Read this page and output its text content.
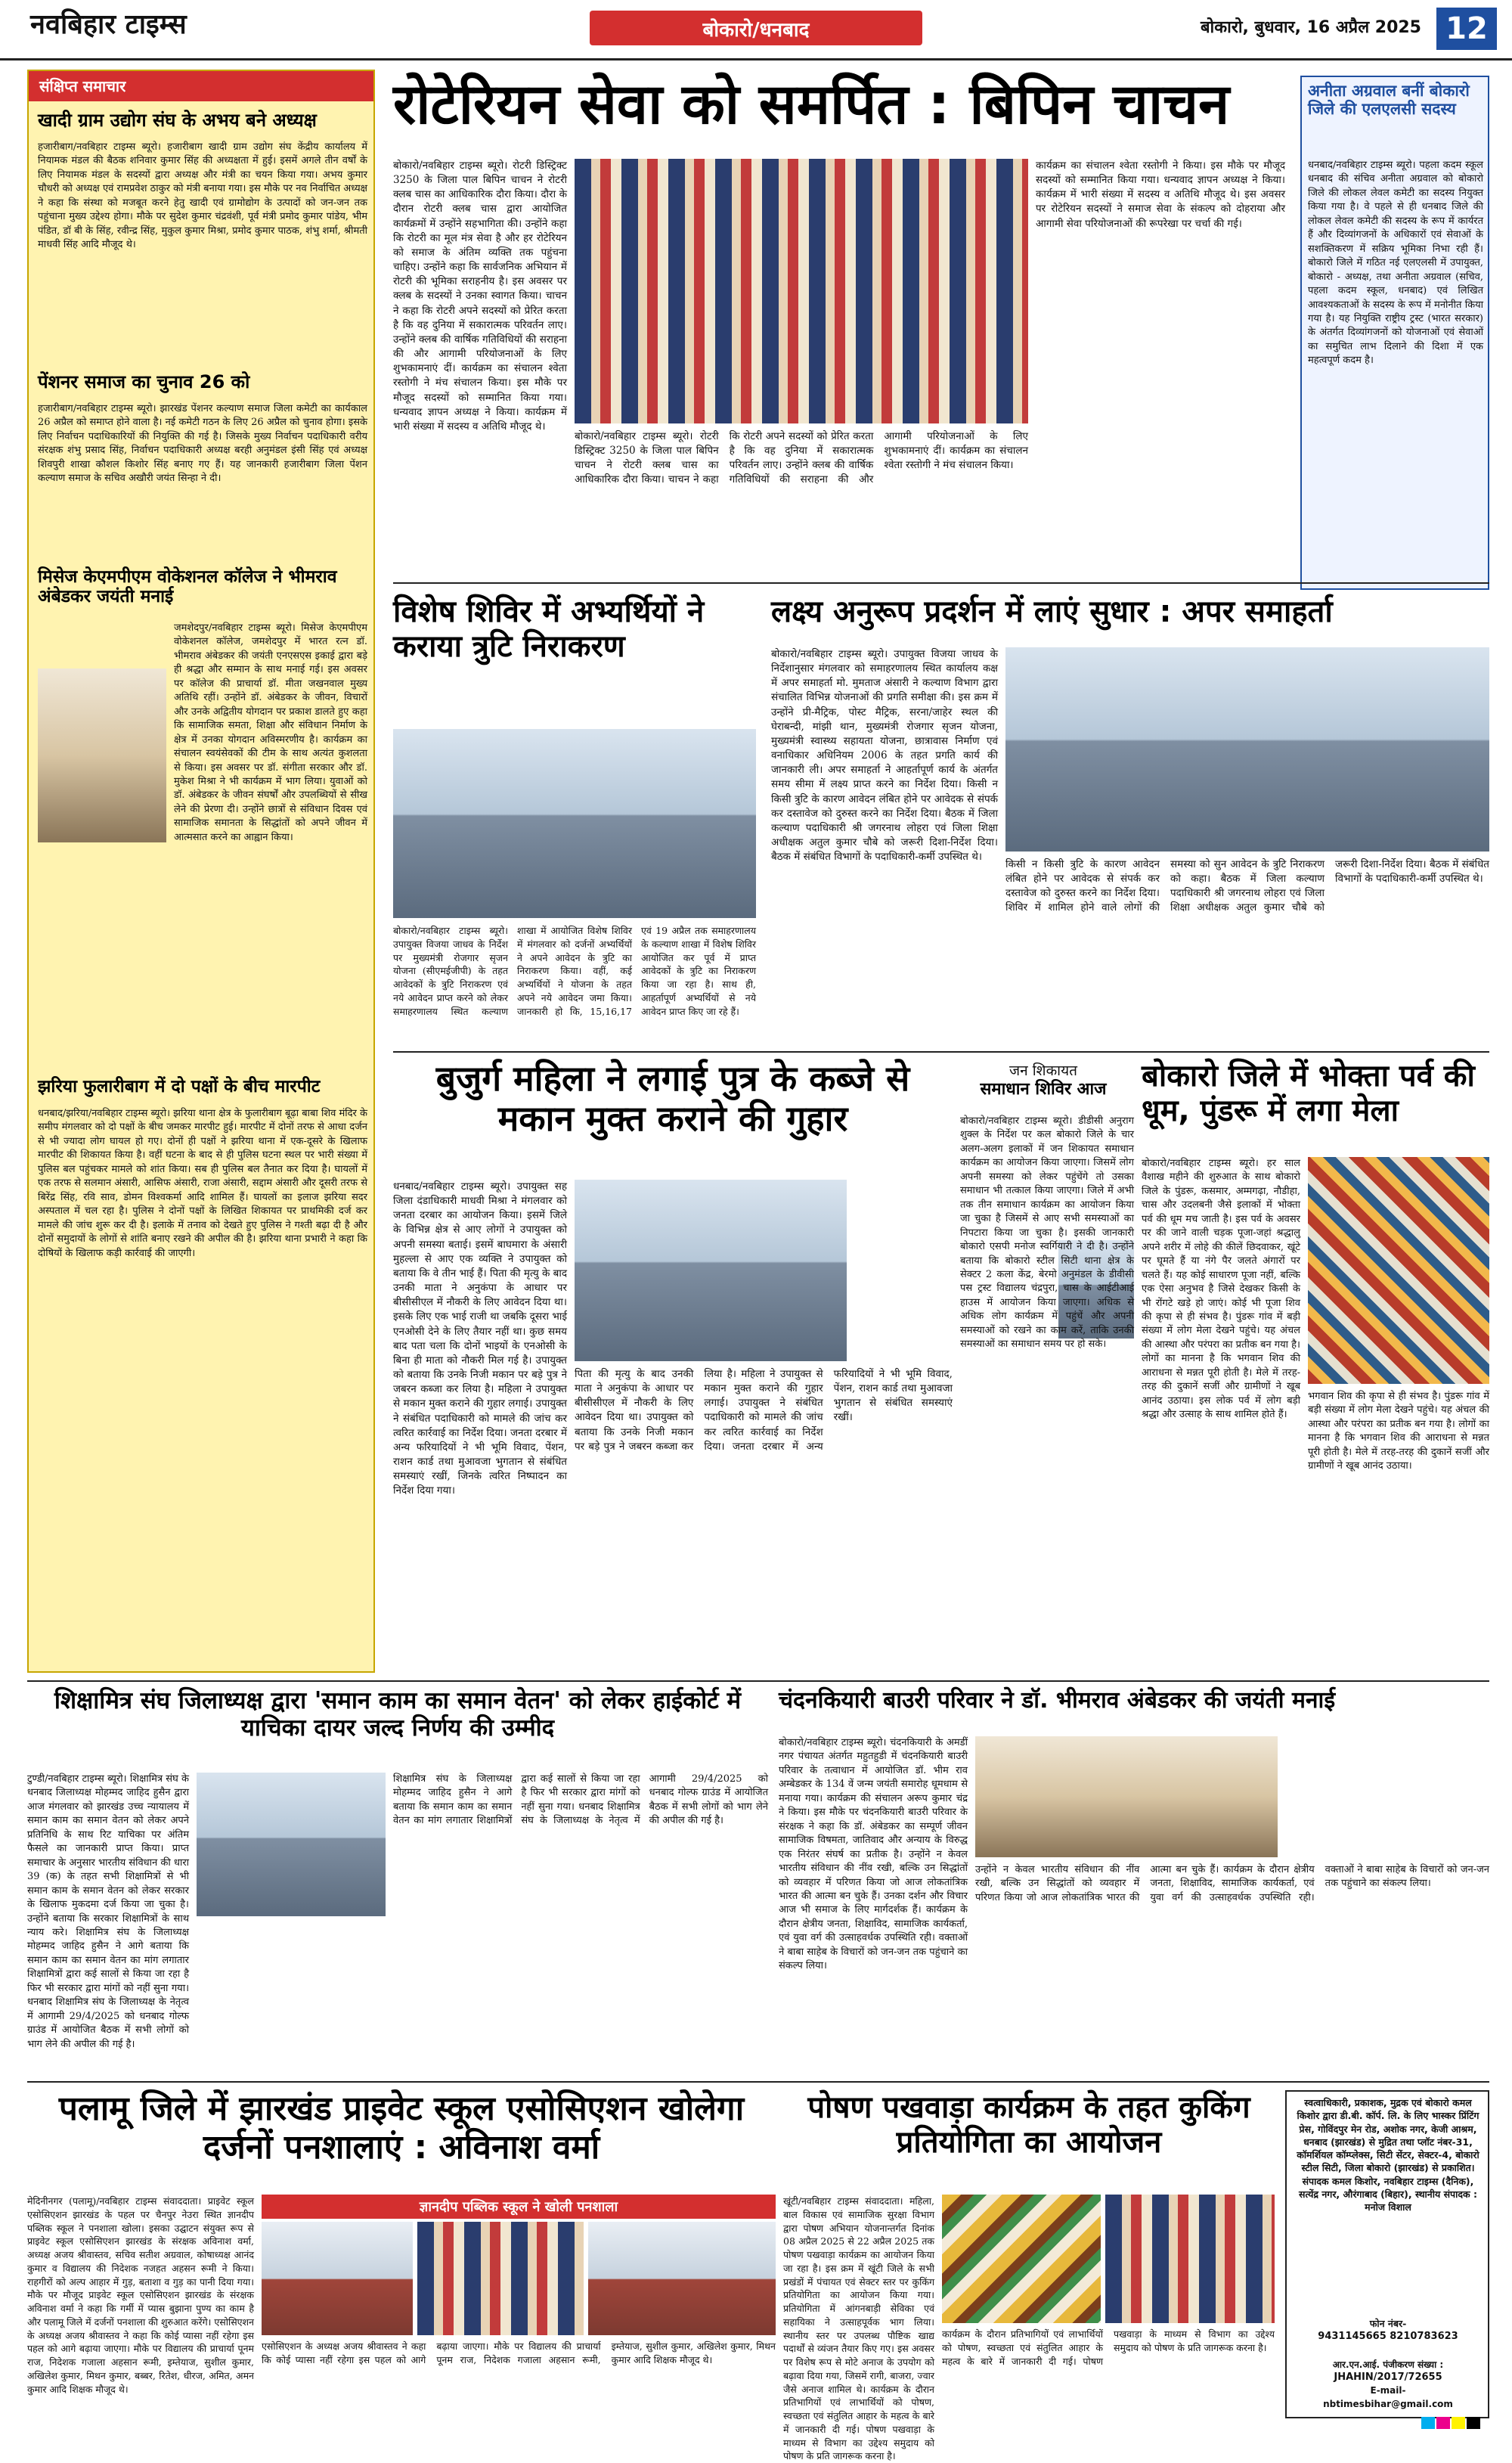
नवबिहार टाइम्स	बोकारो/धनबाद	बोकारो, बुधवार, 16 अप्रैल 2025 12
संक्षिप्त समाचार
खादी ग्राम उद्योग संघ के अभय बने अध्यक्ष
हजारीबाग/नवबिहार टाइम्स ब्यूरो। हजारीबाग खादी ग्राम उद्योग संघ केंद्रीय कार्यालय में नियामक मंडल की बैठक शनिवार कुमार सिंह की अध्यक्षता में हुई। इसमें अगले तीन वर्षों के लिए नियामक मंडल के सदस्यों द्वारा अध्यक्ष और मंत्री का चयन किया गया। अभय कुमार चौधरी को अध्यक्ष एवं रामप्रवेश ठाकुर को मंत्री बनाया गया। इस मौके पर नव निर्वाचित अध्यक्ष ने कहा कि संस्था को मजबूत करने हेतु खादी एवं ग्रामोद्योग के उत्पादों को जन-जन तक पहुंचाना मुख्य उद्देश्य होगा। मौके पर सुदेश कुमार चंद्रवंशी, पूर्व मंत्री प्रमोद कुमार पांडेय, भीम पंडित, डॉ बी के सिंह, रवीन्द्र सिंह, मुकुल कुमार मिश्रा, प्रमोद कुमार पाठक, शंभु शर्मा, श्रीमती माधवी सिंह आदि मौजूद थे।
पेंशनर समाज का चुनाव 26 को
हजारीबाग/नवबिहार टाइम्स ब्यूरो। झारखंड पेंशनर कल्याण समाज जिला कमेटी का कार्यकाल 26 अप्रैल को समाप्त होने वाला है। नई कमेटी गठन के लिए 26 अप्रैल को चुनाव होगा। इसके लिए निर्वाचन पदाधिकारियों की नियुक्ति की गई है। जिसके मुख्य निर्वाचन पदाधिकारी वरीय संरक्षक शंभु प्रसाद सिंह, निर्वाचन पदाधिकारी अध्यक्ष बरही अनुमंडल इंसी सिंह एवं अध्यक्ष शिवपुरी शाखा कौशल किशोर सिंह बनाए गए हैं। यह जानकारी हजारीबाग जिला पेंशन कल्याण समाज के सचिव अखौरी जयंत सिन्हा ने दी।
मिसेज केएमपीएम वोकेशनल कॉलेज ने भीमराव अंबेडकर जयंती मनाई
जमशेदपुर/नवबिहार टाइम्स ब्यूरो। मिसेज केएमपीएम वोकेशनल कॉलेज, जमशेदपुर में भारत रत्न डॉ. भीमराव अंबेडकर की जयंती एनएसएस इकाई द्वारा बड़े ही श्रद्धा और सम्मान के साथ मनाई गई। इस अवसर पर कॉलेज की प्राचार्या डॉ. मीता जखनवाल मुख्य अतिथि रहीं। उन्होंने डॉ. अंबेडकर के जीवन, विचारों और उनके अद्वितीय योगदान पर प्रकाश डालते हुए कहा कि सामाजिक समता, शिक्षा और संविधान निर्माण के क्षेत्र में उनका योगदान अविस्मरणीय है। कार्यक्रम का संचालन स्वयंसेवकों की टीम के साथ अत्यंत कुशलता से किया। इस अवसर पर डॉ. संगीता सरकार और डॉ. मुकेश मिश्रा ने भी कार्यक्रम में भाग लिया। युवाओं को डॉ. अंबेडकर के जीवन संघर्षों और उपलब्धियों से सीख लेने की प्रेरणा दी। उन्होंने छात्रों से संविधान दिवस एवं सामाजिक समानता के सिद्धांतों को अपने जीवन में आत्मसात करने का आह्वान किया।
झरिया फुलारीबाग में दो पक्षों के बीच मारपीट
धनबाद/झरिया/नवबिहार टाइम्स ब्यूरो। झरिया थाना क्षेत्र के फुलारीबाग बूढ़ा बाबा शिव मंदिर के समीप मंगलवार को दो पक्षों के बीच जमकर मारपीट हुई। मारपीट में दोनों तरफ से आधा दर्जन से भी ज्यादा लोग घायल हो गए। दोनों ही पक्षों ने झरिया थाना में एक-दूसरे के खिलाफ मारपीट की शिकायत किया है। वहीं घटना के बाद से ही पुलिस घटना स्थल पर भारी संख्या में पुलिस बल पहुंचकर मामले को शांत किया। सब ही पुलिस बल तैनात कर दिया है। घायलों में एक तरफ से सलमान अंसारी, आसिफ अंसारी, राजा अंसारी, सद्दाम अंसारी और दूसरी तरफ से बिरेंद्र सिंह, रवि साव, डोमन विश्वकर्मा आदि शामिल हैं। घायलों का इलाज झरिया सदर अस्पताल में चल रहा है। पुलिस ने दोनों पक्षों के लिखित शिकायत पर प्राथमिकी दर्ज कर मामले की जांच शुरू कर दी है। इलाके में तनाव को देखते हुए पुलिस ने गश्ती बढ़ा दी है और दोनों समुदायों के लोगों से शांति बनाए रखने की अपील की है। झरिया थाना प्रभारी ने कहा कि दोषियों के खिलाफ कड़ी कार्रवाई की जाएगी।
रोटेरियन सेवा को समर्पित : बिपिन चाचन
बोकारो/नवबिहार टाइम्स ब्यूरो। रोटरी डिस्ट्रिक्ट 3250 के जिला पाल बिपिन चाचन ने रोटरी क्लब चास का आधिकारिक दौरा किया। दौरा के दौरान रोटरी क्लब चास द्वारा आयोजित कार्यक्रमों में उन्होंने सहभागिता की। उन्होंने कहा कि रोटरी का मूल मंत्र सेवा है और हर रोटेरियन को समाज के अंतिम व्यक्ति तक पहुंचना चाहिए। उन्होंने कहा कि सार्वजनिक अभियान में रोटरी की भूमिका सराहनीय है। इस अवसर पर क्लब के सदस्यों ने उनका स्वागत किया। चाचन ने कहा कि रोटरी अपने सदस्यों को प्रेरित करता है कि वह दुनिया में सकारात्मक परिवर्तन लाए। उन्होंने क्लब की वार्षिक गतिविधियों की सराहना की और आगामी परियोजनाओं के लिए शुभकामनाएं दीं। कार्यक्रम का संचालन श्वेता रस्तोगी ने मंच संचालन किया। इस मौके पर मौजूद सदस्यों को सम्मानित किया गया। धन्यवाद ज्ञापन अध्यक्ष ने किया। कार्यक्रम में भारी संख्या में सदस्य व अतिथि मौजूद थे।
बोकारो/नवबिहार टाइम्स ब्यूरो। रोटरी डिस्ट्रिक्ट 3250 के जिला पाल बिपिन चाचन ने रोटरी क्लब चास का आधिकारिक दौरा किया। चाचन ने कहा कि रोटरी अपने सदस्यों को प्रेरित करता है कि वह दुनिया में सकारात्मक परिवर्तन लाए। उन्होंने क्लब की वार्षिक गतिविधियों की सराहना की और आगामी परियोजनाओं के लिए शुभकामनाएं दीं। कार्यक्रम का संचालन श्वेता रस्तोगी ने मंच संचालन किया।
कार्यक्रम का संचालन श्वेता रस्तोगी ने किया। इस मौके पर मौजूद सदस्यों को सम्मानित किया गया। धन्यवाद ज्ञापन अध्यक्ष ने किया। कार्यक्रम में भारी संख्या में सदस्य व अतिथि मौजूद थे। इस अवसर पर रोटेरियन सदस्यों ने समाज सेवा के संकल्प को दोहराया और आगामी सेवा परियोजनाओं की रूपरेखा पर चर्चा की गई।
अनीता अग्रवाल बनीं बोकारो जिले की एलएलसी सदस्य
धनबाद/नवबिहार टाइम्स ब्यूरो। पहला कदम स्कूल धनबाद की संचिव अनीता अग्रवाल को बोकारो जिले की लोकल लेवल कमेटी का सदस्य नियुक्त किया गया है। वे पहले से ही धनबाद जिले की लोकल लेवल कमेटी की सदस्य के रूप में कार्यरत हैं और दिव्यांगजनों के अधिकारों एवं सेवाओं के सशक्तिकरण में सक्रिय भूमिका निभा रही हैं। बोकारो जिले में गठित नई एलएलसी में उपायुक्त, बोकारो - अध्यक्ष, तथा अनीता अग्रवाल (सचिव, पहला कदम स्कूल, धनबाद) एवं लिखित आवश्यकताओं के सदस्य के रूप में मनोनीत किया गया है। यह नियुक्ति राष्ट्रीय ट्रस्ट (भारत सरकार) के अंतर्गत दिव्यांगजनों को योजनाओं एवं सेवाओं का समुचित लाभ दिलाने की दिशा में एक महत्वपूर्ण कदम है।
विशेष शिविर में अभ्यर्थियों ने कराया त्रुटि निराकरण
बोकारो/नवबिहार टाइम्स ब्यूरो। उपायुक्त विजया जाधव के निर्देश पर मुख्यमंत्री रोजगार सृजन योजना (सीएमईजीपी) के तहत आवेदकों के त्रुटि निराकरण एवं नये आवेदन प्राप्त करने को लेकर समाहरणालय स्थित कल्याण शाखा में आयोजित विशेष शिविर में मंगलवार को दर्जनों अभ्यर्थियों ने अपने आवेदन के त्रुटि का निराकरण किया। वहीं, कई अभ्यर्थियों ने योजना के तहत अपने नये आवेदन जमा किया। जानकारी हो कि, 15,16,17 एवं 19 अप्रैल तक समाहरणालय के कल्याण शाखा में विशेष शिविर आयोजित कर पूर्व में प्राप्त आवेदकों के त्रुटि का निराकरण किया जा रहा है। साथ ही, आहर्तापूर्ण अभ्यर्थियों से नये आवेदन प्राप्त किए जा रहे हैं।
लक्ष्य अनुरूप प्रदर्शन में लाएं सुधार : अपर समाहर्ता
बोकारो/नवबिहार टाइम्स ब्यूरो। उपायुक्त विजया जाधव के निर्देशानुसार मंगलवार को समाहरणालय स्थित कार्यालय कक्ष में अपर समाहर्ता मो. मुमताज अंसारी ने कल्याण विभाग द्वारा संचालित विभिन्न योजनाओं की प्रगति समीक्षा की। इस क्रम में उन्होंने प्री-मैट्रिक, पोस्ट मैट्रिक, सरना/जाहेर स्थल की घेराबन्दी, मांझी थान, मुख्यमंत्री रोजगार सृजन योजना, मुख्यमंत्री स्वास्थ्य सहायता योजना, छात्रावास निर्माण एवं वनाधिकार अधिनियम 2006 के तहत प्रगति कार्य की जानकारी ली। अपर समाहर्ता ने आहर्तापूर्ण कार्य के अंतर्गत समय सीमा में लक्ष्य प्राप्त करने का निर्देश दिया। किसी न किसी त्रुटि के कारण आवेदन लंबित होने पर आवेदक से संपर्क कर दस्तावेज को दुरुस्त करने का निर्देश दिया। बैठक में जिला कल्याण पदाधिकारी श्री जगरनाथ लोहरा एवं जिला शिक्षा अधीक्षक अतुल कुमार चौबे को जरूरी दिशा-निर्देश दिया। बैठक में संबंधित विभागों के पदाधिकारी-कर्मी उपस्थित थे।
किसी न किसी त्रुटि के कारण आवेदन लंबित होने पर आवेदक से संपर्क कर दस्तावेज को दुरुस्त करने का निर्देश दिया। शिविर में शामिल होने वाले लोगों की समस्या को सुन आवेदन के त्रुटि निराकरण को कहा। बैठक में जिला कल्याण पदाधिकारी श्री जगरनाथ लोहरा एवं जिला शिक्षा अधीक्षक अतुल कुमार चौबे को जरूरी दिशा-निर्देश दिया। बैठक में संबंधित विभागों के पदाधिकारी-कर्मी उपस्थित थे।
बुजुर्ग महिला ने लगाई पुत्र के कब्जे से मकान मुक्त कराने की गुहार
धनबाद/नवबिहार टाइम्स ब्यूरो। उपायुक्त सह जिला दंडाधिकारी माधवी मिश्रा ने मंगलवार को जनता दरबार का आयोजन किया। इसमें जिले के विभिन्न क्षेत्र से आए लोगों ने उपायुक्त को अपनी समस्या बताई। इसमें बाघमारा के अंसारी मुहल्ला से आए एक व्यक्ति ने उपायुक्त को बताया कि वे तीन भाई हैं। पिता की मृत्यु के बाद उनकी माता ने अनुकंपा के आधार पर बीसीसीएल में नौकरी के लिए आवेदन दिया था। इसके लिए एक भाई राजी था जबकि दूसरा भाई एनओसी देने के लिए तैयार नहीं था। कुछ समय बाद पता चला कि दोनों भाइयों के एनओसी के बिना ही माता को नौकरी मिल गई है। उपायुक्त को बताया कि उनके निजी मकान पर बड़े पुत्र ने जबरन कब्जा कर लिया है। महिला ने उपायुक्त से मकान मुक्त कराने की गुहार लगाई। उपायुक्त ने संबंधित पदाधिकारी को मामले की जांच कर त्वरित कार्रवाई का निर्देश दिया। जनता दरबार में अन्य फरियादियों ने भी भूमि विवाद, पेंशन, राशन कार्ड तथा मुआवजा भुगतान से संबंधित समस्याएं रखीं, जिनके त्वरित निष्पादन का निर्देश दिया गया।
पिता की मृत्यु के बाद उनकी माता ने अनुकंपा के आधार पर बीसीसीएल में नौकरी के लिए आवेदन दिया था। उपायुक्त को बताया कि उनके निजी मकान पर बड़े पुत्र ने जबरन कब्जा कर लिया है। महिला ने उपायुक्त से मकान मुक्त कराने की गुहार लगाई। उपायुक्त ने संबंधित पदाधिकारी को मामले की जांच कर त्वरित कार्रवाई का निर्देश दिया। जनता दरबार में अन्य फरियादियों ने भी भूमि विवाद, पेंशन, राशन कार्ड तथा मुआवजा भुगतान से संबंधित समस्याएं रखीं।
जन शिकायत
समाधान शिविर आज
बोकारो/नवबिहार टाइम्स ब्यूरो। डीडीसी अनुराग शुक्ल के निर्देश पर कल बोकारो जिले के चार अलग-अलग इलाकों में जन शिकायत समाधान कार्यक्रम का आयोजन किया जाएगा। जिसमें लोग अपनी समस्या को लेकर पहुंचेंगे तो उसका समाधान भी तत्काल किया जाएगा। जिले में अभी तक तीन समाधान कार्यक्रम का आयोजन किया जा चुका है जिसमें से आए सभी समस्याओं का निपटारा किया जा चुका है। इसकी जानकारी बोकारो एसपी मनोज स्वर्गियारी ने दी है। उन्होंने बताया कि बोकारो स्टील सिटी थाना क्षेत्र के सेक्टर 2 कला केंद्र, बेरमो अनुमंडल के डीवीसी पस ट्रस्ट विद्यालय चंद्रपुरा, चास के आईटीआई हाउस में आयोजन किया जाएगा। अधिक से अधिक लोग कार्यक्रम में पहुंचें और अपनी समस्याओं को रखने का काम करें, ताकि उनकी समस्याओं का समाधान समय पर हो सके।
बोकारो जिले में भोक्ता पर्व की धूम, पुंडरू में लगा मेला
बोकारो/नवबिहार टाइम्स ब्यूरो। हर साल वैशाख महीने की शुरुआत के साथ बोकारो जिले के पुंडरू, कसमार, अम्मगढ़ा, नौडीहा, चास और उदलबनी जैसे इलाकों में भोक्ता पर्व की धूम मच जाती है। इस पर्व के अवसर पर की जाने वाली चड़क पूजा-जहां श्रद्धालु अपने शरीर में लोहे की कीलें छिदवाकर, खूंटे पर घूमते हैं या नंगे पैर जलते अंगारों पर चलते हैं। यह कोई साधारण पूजा नहीं, बल्कि एक ऐसा अनुभव है जिसे देखकर किसी के भी रोंगटे खड़े हो जाएं। कोई भी पूजा शिव की कृपा से ही संभव है। पुंडरू गांव में बड़ी संख्या में लोग मेला देखने पहुंचे। यह अंचल की आस्था और परंपरा का प्रतीक बन गया है। लोगों का मानना है कि भगवान शिव की आराधना से मन्नत पूरी होती है। मेले में तरह-तरह की दुकानें सजीं और ग्रामीणों ने खूब आनंद उठाया। इस लोक पर्व में लोग बड़ी श्रद्धा और उत्साह के साथ शामिल होते हैं।
भगवान शिव की कृपा से ही संभव है। पुंडरू गांव में बड़ी संख्या में लोग मेला देखने पहुंचे। यह अंचल की आस्था और परंपरा का प्रतीक बन गया है। लोगों का मानना है कि भगवान शिव की आराधना से मन्नत पूरी होती है। मेले में तरह-तरह की दुकानें सजीं और ग्रामीणों ने खूब आनंद उठाया।
शिक्षामित्र संघ जिलाध्यक्ष द्वारा 'समान काम का समान वेतन' को लेकर हाईकोर्ट में याचिका दायर जल्द निर्णय की उम्मीद
टुण्डी/नवबिहार टाइम्स ब्यूरो। शिक्षामित्र संघ के धनबाद जिलाध्यक्ष मोहम्मद जाहिद हुसैन द्वारा आज मंगलवार को झारखंड उच्च न्यायालय में समान काम का समान वेतन को लेकर अपने प्रतिनिधि के साथ रिट याचिका पर अंतिम फैसले का जानकारी प्राप्त किया। प्राप्त समाचार के अनुसार भारतीय संविधान की धारा 39 (क) के तहत सभी शिक्षामित्रों से भी समान काम के समान वेतन को लेकर सरकार के खिलाफ मुकदमा दर्ज किया जा चुका है। उन्होंने बताया कि सरकार शिक्षामित्रों के साथ न्याय करे। शिक्षामित्र संघ के जिलाध्यक्ष मोहम्मद जाहिद हुसैन ने आगे बताया कि समान काम का समान वेतन का मांग लगातार शिक्षामित्रों द्वारा कई सालों से किया जा रहा है फिर भी सरकार द्वारा मांगों को नहीं सुना गया। धनबाद शिक्षामित्र संघ के जिलाध्यक्ष के नेतृत्व में आगामी 29/4/2025 को धनबाद गोल्फ ग्राउंड में आयोजित बैठक में सभी लोगों को भाग लेने की अपील की गई है।
शिक्षामित्र संघ के जिलाध्यक्ष मोहम्मद जाहिद हुसैन ने आगे बताया कि समान काम का समान वेतन का मांग लगातार शिक्षामित्रों द्वारा कई सालों से किया जा रहा है फिर भी सरकार द्वारा मांगों को नहीं सुना गया। धनबाद शिक्षामित्र संघ के जिलाध्यक्ष के नेतृत्व में आगामी 29/4/2025 को धनबाद गोल्फ ग्राउंड में आयोजित बैठक में सभी लोगों को भाग लेने की अपील की गई है।
चंदनकियारी बाउरी परिवार ने डॉ. भीमराव अंबेडकर की जयंती मनाई
बोकारो/नवबिहार टाइम्स ब्यूरो। चंदनकियारी के अमडीं नगर पंचायत अंतर्गत महुतहुडी में चंदनकियारी बाउरी परिवार के तत्वाधान में आयोजित डॉ. भीम राव अम्बेडकर के 134 वें जन्म जयंती समारोह धूमधाम से मनाया गया। कार्यक्रम की संचालन अरूप कुमार चंद्र ने किया। इस मौके पर चंदनकियारी बाउरी परिवार के संरक्षक ने कहा कि डॉ. अंबेडकर का सम्पूर्ण जीवन सामाजिक विषमता, जातिवाद और अन्याय के विरुद्ध एक निरंतर संघर्ष का प्रतीक है। उन्होंने न केवल भारतीय संविधान की नींव रखी, बल्कि उन सिद्धांतों को व्यवहार में परिणत किया जो आज लोकतांत्रिक भारत की आत्मा बन चुके हैं। उनका दर्शन और विचार आज भी समाज के लिए मार्गदर्शक हैं। कार्यक्रम के दौरान क्षेत्रीय जनता, शिक्षाविद, सामाजिक कार्यकर्ता, एवं युवा वर्ग की उत्साहवर्धक उपस्थिति रही। वक्ताओं ने बाबा साहेब के विचारों को जन-जन तक पहुंचाने का संकल्प लिया।
उन्होंने न केवल भारतीय संविधान की नींव रखी, बल्कि उन सिद्धांतों को व्यवहार में परिणत किया जो आज लोकतांत्रिक भारत की आत्मा बन चुके हैं। कार्यक्रम के दौरान क्षेत्रीय जनता, शिक्षाविद, सामाजिक कार्यकर्ता, एवं युवा वर्ग की उत्साहवर्धक उपस्थिति रही। वक्ताओं ने बाबा साहेब के विचारों को जन-जन तक पहुंचाने का संकल्प लिया।
पलामू जिले में झारखंड प्राइवेट स्कूल एसोसिएशन खोलेगा दर्जनों पनशालाएं : अविनाश वर्मा
मेदिनीनगर (पलामू)/नवबिहार टाइम्स संवाददाता। प्राइवेट स्कूल एसोसिएशन झारखंड के पहल पर चैनपुर नेउरा स्थित ज्ञानदीप पब्लिक स्कूल ने पनशाला खोला। इसका उद्घाटन संयुक्त रूप से प्राइवेट स्कूल एसोसिएशन झारखंड के संरक्षक अविनाश वर्मा, अध्यक्ष अजय श्रीवास्तव, सचिव सतीश अग्रवाल, कोषाध्यक्ष आनंद कुमार व विद्यालय की निदेशक नजहत अहसन रूमी ने किया। राहगीरों को अल्प आहार में गुड़, बताशा व गुड़ का पानी दिया गया। मौके पर मौजूद प्राइवेट स्कूल एसोसिएशन झारखंड के संरक्षक अविनाश वर्मा ने कहा कि गर्मी में प्यास बुझाना पुण्य का काम है और पलामू जिले में दर्जनों पनशाला की शुरुआत करेंगे। एसोसिएशन के अध्यक्ष अजय श्रीवास्तव ने कहा कि कोई प्यासा नहीं रहेगा इस पहल को आगे बढ़ाया जाएगा। मौके पर विद्यालय की प्राचार्या पूनम राज, निदेशक गजाला अहसान रूमी, इम्तेयाज, सुशील कुमार, अखिलेश कुमार, मिथन कुमार, बब्बर, रितेश, धीरज, अमित, अमन कुमार आदि शिक्षक मौजूद थे।
ज्ञानदीप पब्लिक स्कूल ने खोली पनशाला
एसोसिएशन के अध्यक्ष अजय श्रीवास्तव ने कहा कि कोई प्यासा नहीं रहेगा इस पहल को आगे बढ़ाया जाएगा। मौके पर विद्यालय की प्राचार्या पूनम राज, निदेशक गजाला अहसान रूमी, इम्तेयाज, सुशील कुमार, अखिलेश कुमार, मिथन कुमार आदि शिक्षक मौजूद थे।
पोषण पखवाड़ा कार्यक्रम के तहत कुकिंग प्रतियोगिता का आयोजन
खूंटी/नवबिहार टाइम्स संवाददाता। महिला, बाल विकास एवं सामाजिक सुरक्षा विभाग द्वारा पोषण अभियान योजनान्तर्गत दिनांक 08 अप्रैल 2025 से 22 अप्रैल 2025 तक पोषण पखवाड़ा कार्यक्रम का आयोजन किया जा रहा है। इस क्रम में खूंटी जिले के सभी प्रखंडों में पंचायत एवं सेक्टर स्तर पर कुकिंग प्रतियोगिता का आयोजन किया गया। प्रतियोगिता में आंगनबाड़ी सेविका एवं सहायिका ने उत्साहपूर्वक भाग लिया। स्थानीय स्तर पर उपलब्ध पौष्टिक खाद्य पदार्थों से व्यंजन तैयार किए गए। इस अवसर पर विशेष रूप से मोटे अनाज के उपयोग को बढ़ावा दिया गया, जिसमें रागी, बाजरा, ज्वार जैसे अनाज शामिल थे। कार्यक्रम के दौरान प्रतिभागियों एवं लाभार्थियों को पोषण, स्वच्छता एवं संतुलित आहार के महत्व के बारे में जानकारी दी गई। पोषण पखवाड़ा के माध्यम से विभाग का उद्देश्य समुदाय को पोषण के प्रति जागरूक करना है।
कार्यक्रम के दौरान प्रतिभागियों एवं लाभार्थियों को पोषण, स्वच्छता एवं संतुलित आहार के महत्व के बारे में जानकारी दी गई। पोषण पखवाड़ा के माध्यम से विभाग का उद्देश्य समुदाय को पोषण के प्रति जागरूक करना है।
स्वत्वाधिकारी, प्रकाशक, मुद्रक एवं बोकारो कमल किशोर द्वारा डी.बी. कॉर्प. लि. के लिए भास्कर प्रिंटिंग प्रेस, गोविंदपुर मेन रोड, अशोक नगर, केजी आश्रम, धनबाद (झारखंड) से मुद्रित तथा प्लॉट नंबर-31, कॉमर्शियल कॉम्प्लेक्स, सिटी सेंटर, सेक्टर-4, बोकारो स्टील सिटी, जिला बोकारो (झारखंड) से प्रकाशित। संपादक कमल किशोर, नवबिहार टाइम्स (दैनिक), सत्येंद्र नगर, औरंगाबाद (बिहार), स्थानीय संपादक : मनोज विशाल
फोन नंबर-
9431145665 8210783623
आर.एन.आई. पंजीकरण संख्या :
JHAHIN/2017/72655
E-mail-
nbtimesbihar@gmail.com
